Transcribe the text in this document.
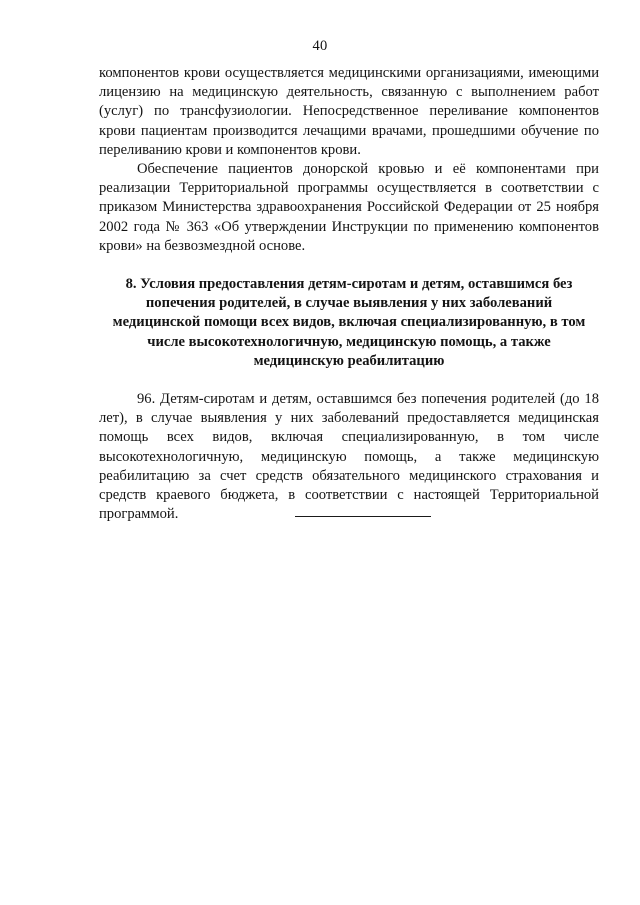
40

компонентов крови осуществляется медицинскими организациями, имеющими лицензию на медицинскую деятельность, связанную с выполнением работ (услуг) по трансфузиологии. Непосредственное переливание компонентов крови пациентам производится лечащими врачами, прошедшими обучение по переливанию крови и компонентов крови.

Обеспечение пациентов донорской кровью и её компонентами при реализации Территориальной программы осуществляется в соответствии с приказом Министерства здравоохранения Российской Федерации от 25 ноября 2002 года № 363 «Об утверждении Инструкции по применению компонентов крови» на безвозмездной основе.

8. Условия предоставления детям-сиротам и детям, оставшимся без попечения родителей, в случае выявления у них заболеваний медицинской помощи всех видов, включая специализированную, в том числе высокотехнологичную, медицинскую помощь, а также медицинскую реабилитацию

96. Детям-сиротам и детям, оставшимся без попечения родителей (до 18 лет), в случае выявления у них заболеваний предоставляется медицинская помощь всех видов, включая специализированную, в том числе высокотехнологичную, медицинскую помощь, а также медицинскую реабилитацию за счет средств обязательного медицинского страхования и средств краевого бюджета, в соответствии с настоящей Территориальной программой.
